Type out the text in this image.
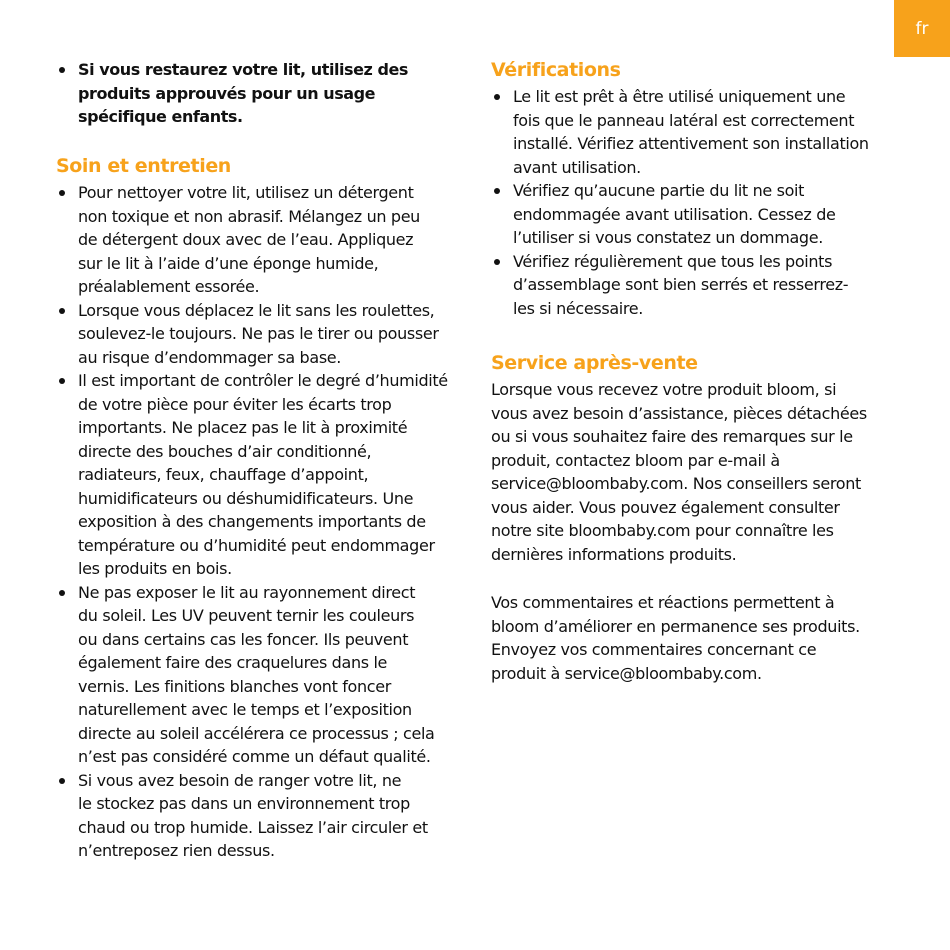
fr
Si vous restaurez votre lit, utilisez des
produits approuvés pour un usage
spécifique enfants.
Soin et entretien
Pour nettoyer votre lit, utilisez un détergent
non toxique et non abrasif. Mélangez un peu
de détergent doux avec de l’eau. Appliquez
sur le lit à l’aide d’une éponge humide,
préalablement essorée.
Lorsque vous déplacez le lit sans les roulettes,
soulevez-le toujours. Ne pas le tirer ou pousser
au risque d’endommager sa base.
Il est important de contrôler le degré d’humidité
de votre pièce pour éviter les écarts trop
importants. Ne placez pas le lit à proximité
directe des bouches d’air conditionné,
radiateurs, feux, chauffage d’appoint,
humidificateurs ou déshumidificateurs. Une
exposition à des changements importants de
température ou d’humidité peut endommager
les produits en bois.
Ne pas exposer le lit au rayonnement direct
du soleil. Les UV peuvent ternir les couleurs
ou dans certains cas les foncer. Ils peuvent
également faire des craquelures dans le
vernis. Les finitions blanches vont foncer
naturellement avec le temps et l’exposition
directe au soleil accélérera ce processus ; cela
n’est pas considéré comme un défaut qualité.
Si vous avez besoin de ranger votre lit, ne
le stockez pas dans un environnement trop
chaud ou trop humide. Laissez l’air circuler et
n’entreposez rien dessus.
Vérifications
Le lit est prêt à être utilisé uniquement une
fois que le panneau latéral est correctement
installé. Vérifiez attentivement son installation
avant utilisation.
Vérifiez qu’aucune partie du lit ne soit
endommagée avant utilisation. Cessez de
l’utiliser si vous constatez un dommage.
Vérifiez régulièrement que tous les points
d’assemblage sont bien serrés et resserrez-
les si nécessaire.
Service après-vente
Lorsque vous recevez votre produit bloom, si
vous avez besoin d’assistance, pièces détachées
ou si vous souhaitez faire des remarques sur le
produit, contactez bloom par e-mail à
service@bloombaby.com. Nos conseillers seront
vous aider. Vous pouvez également consulter
notre site bloombaby.com pour connaître les
dernières informations produits.
Vos commentaires et réactions permettent à
bloom d’améliorer en permanence ses produits.
Envoyez vos commentaires concernant ce
produit à service@bloombaby.com.
